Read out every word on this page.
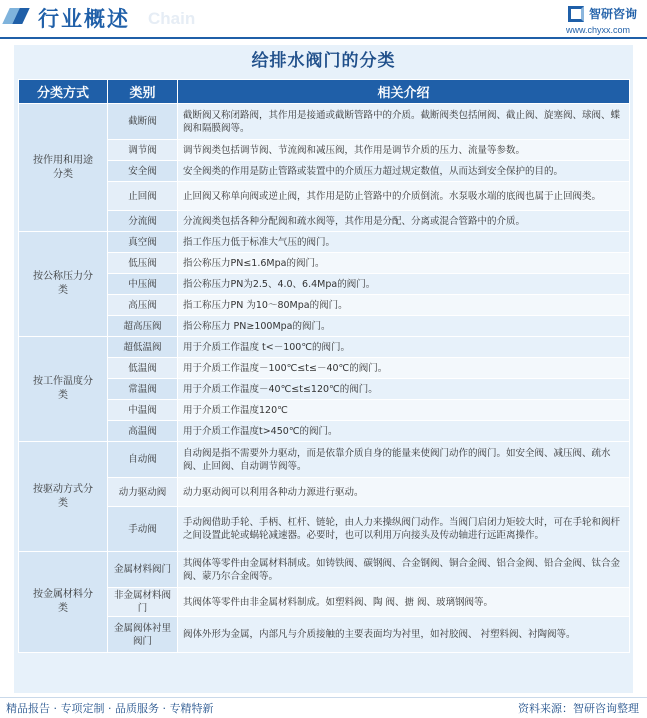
行业概述 Chain	智研咨询
www.chyxx.com
给排水阀门的分类
分类方式	类别	相关介绍
按作用和用途分类	截断阀	截断阀又称闭路阀，其作用是接通或截断管路中的介质。截断阀类包括闸阀、截止阀、旋塞阀、球阀、蝶阀和隔膜阀等。
	调节阀	调节阀类包括调节阀、节流阀和减压阀，其作用是调节介质的压力、流量等参数。
	安全阀	安全阀类的作用是防止管路或装置中的介质压力超过规定数值，从而达到安全保护的目的。
	止回阀	止回阀又称单向阀或逆止阀，其作用是防止管路中的介质倒流。水泵吸水端的底阀也属于止回阀类。
	分流阀	分流阀类包括各种分配阀和疏水阀等，其作用是分配、分离或混合管路中的介质。
按公称压力分类	真空阀	指工作压力低于标准大气压的阀门。
	低压阀	指公称压力PN≤1.6Mpa的阀门。
	中压阀	指公称压力PN为2.5、4.0、6.4Mpa的阀门。
	高压阀	指工称压力PN 为10～80Mpa的阀门。
	超高压阀	指公称压力 PN≥100Mpa的阀门。
按工作温度分类	超低温阀	用于介质工作温度 t<－100℃的阀门。
	低温阀	用于介质工作温度－100℃≤t≤－40℃的阀门。
	常温阀	用于介质工作温度－40℃≤t≤120℃的阀门。
	中温阀	用于介质工作温度120℃
	高温阀	用于介质工作温度t>450℃的阀门。
按驱动方式分类	自动阀	自动阀是指不需要外力驱动，而是依靠介质自身的能量来使阀门动作的阀门。如安全阀、减压阀、疏水阀、止回阀、自动调节阀等。
	动力驱动阀	动力驱动阀可以利用各种动力源进行驱动。
	手动阀	手动阀借助手轮、手柄、杠杆、链轮，由人力来操纵阀门动作。当阀门启闭力矩较大时，可在手轮和阀杆之间设置此轮或蜗轮减速器。必要时，也可以利用万向接头及传动轴进行远距离操作。
按金属材料分类	金属材料阀门	其阀体等零件由金属材料制成。如铸铁阀、碳钢阀、合金钢阀、铜合金阀、铝合金阀、铅合金阀、钛合金阀、蒙乃尔合金阀等。
	非金属材料阀门	其阀体等零件由非金属材料制成。如塑料阀、陶 阀、搪 阀、玻璃钢阀等。
	金属阀体衬里阀门	阀体外形为金属，内部凡与介质接触的主要表面均为衬里，如衬胶阀、 衬塑料阀、衬陶阀等。
精品报告 · 专项定制 · 品质服务 · 专精特新	资料来源：智研咨询整理
